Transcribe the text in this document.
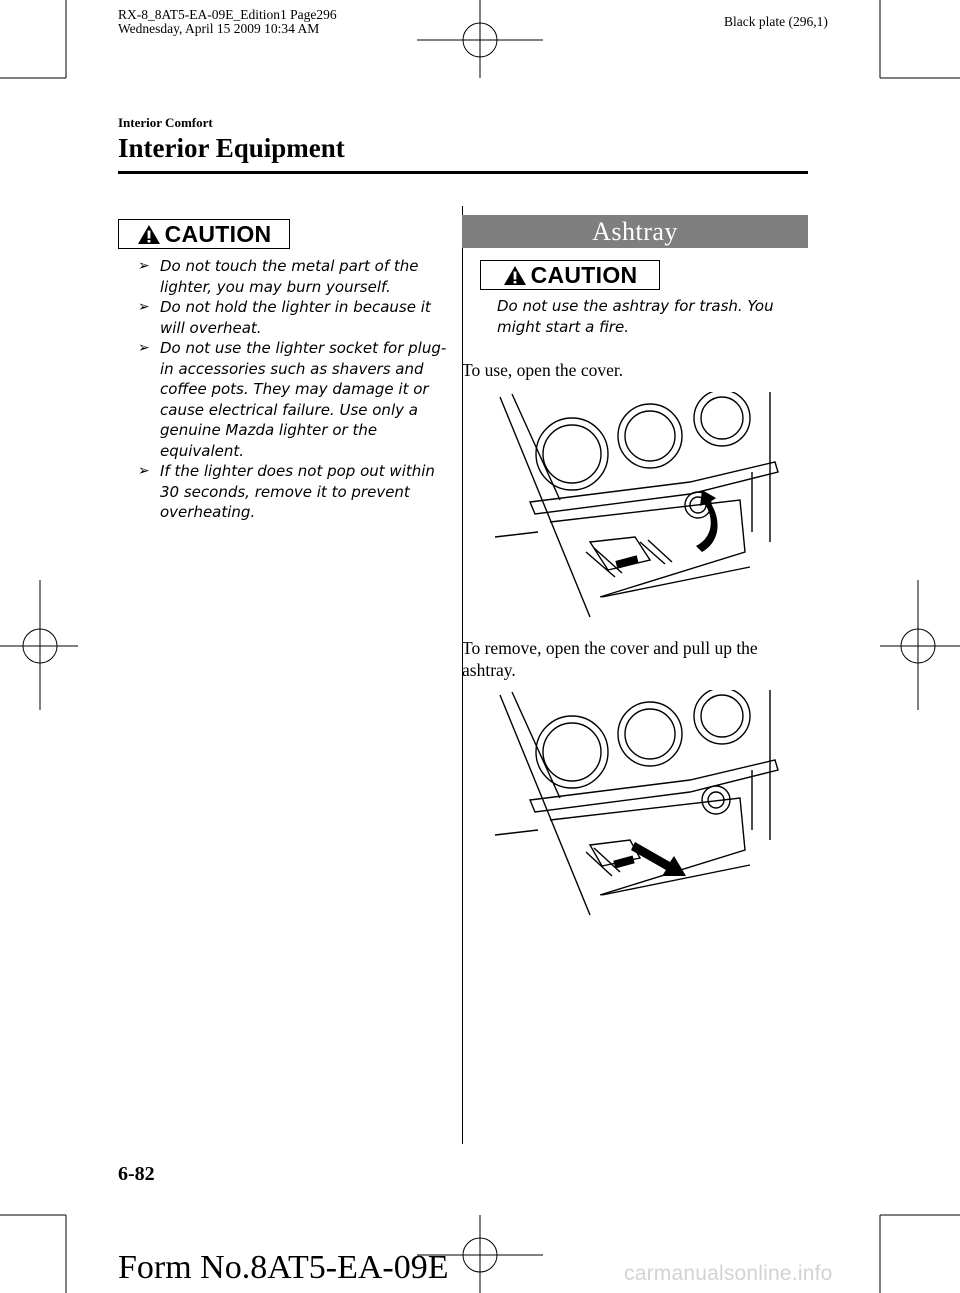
RX-8_8AT5-EA-09E_Edition1 Page296
Wednesday, April 15 2009 10:34 AM	Black plate (296,1)
Interior Comfort
Interior Equipment
CAUTION
➢ Do not touch the metal part of the lighter, you may burn yourself.
➢ Do not hold the lighter in because it will overheat.
➢ Do not use the lighter socket for plug-in accessories such as shavers and coffee pots. They may damage it or cause electrical failure. Use only a genuine Mazda lighter or the equivalent.
➢ If the lighter does not pop out within 30 seconds, remove it to prevent overheating.
Ashtray
CAUTION
Do not use the ashtray for trash. You might start a fire.
To use, open the cover.
To remove, open the cover and pull up the ashtray.
6-82
Form No.8AT5-EA-09E	carmanualsonline.info
